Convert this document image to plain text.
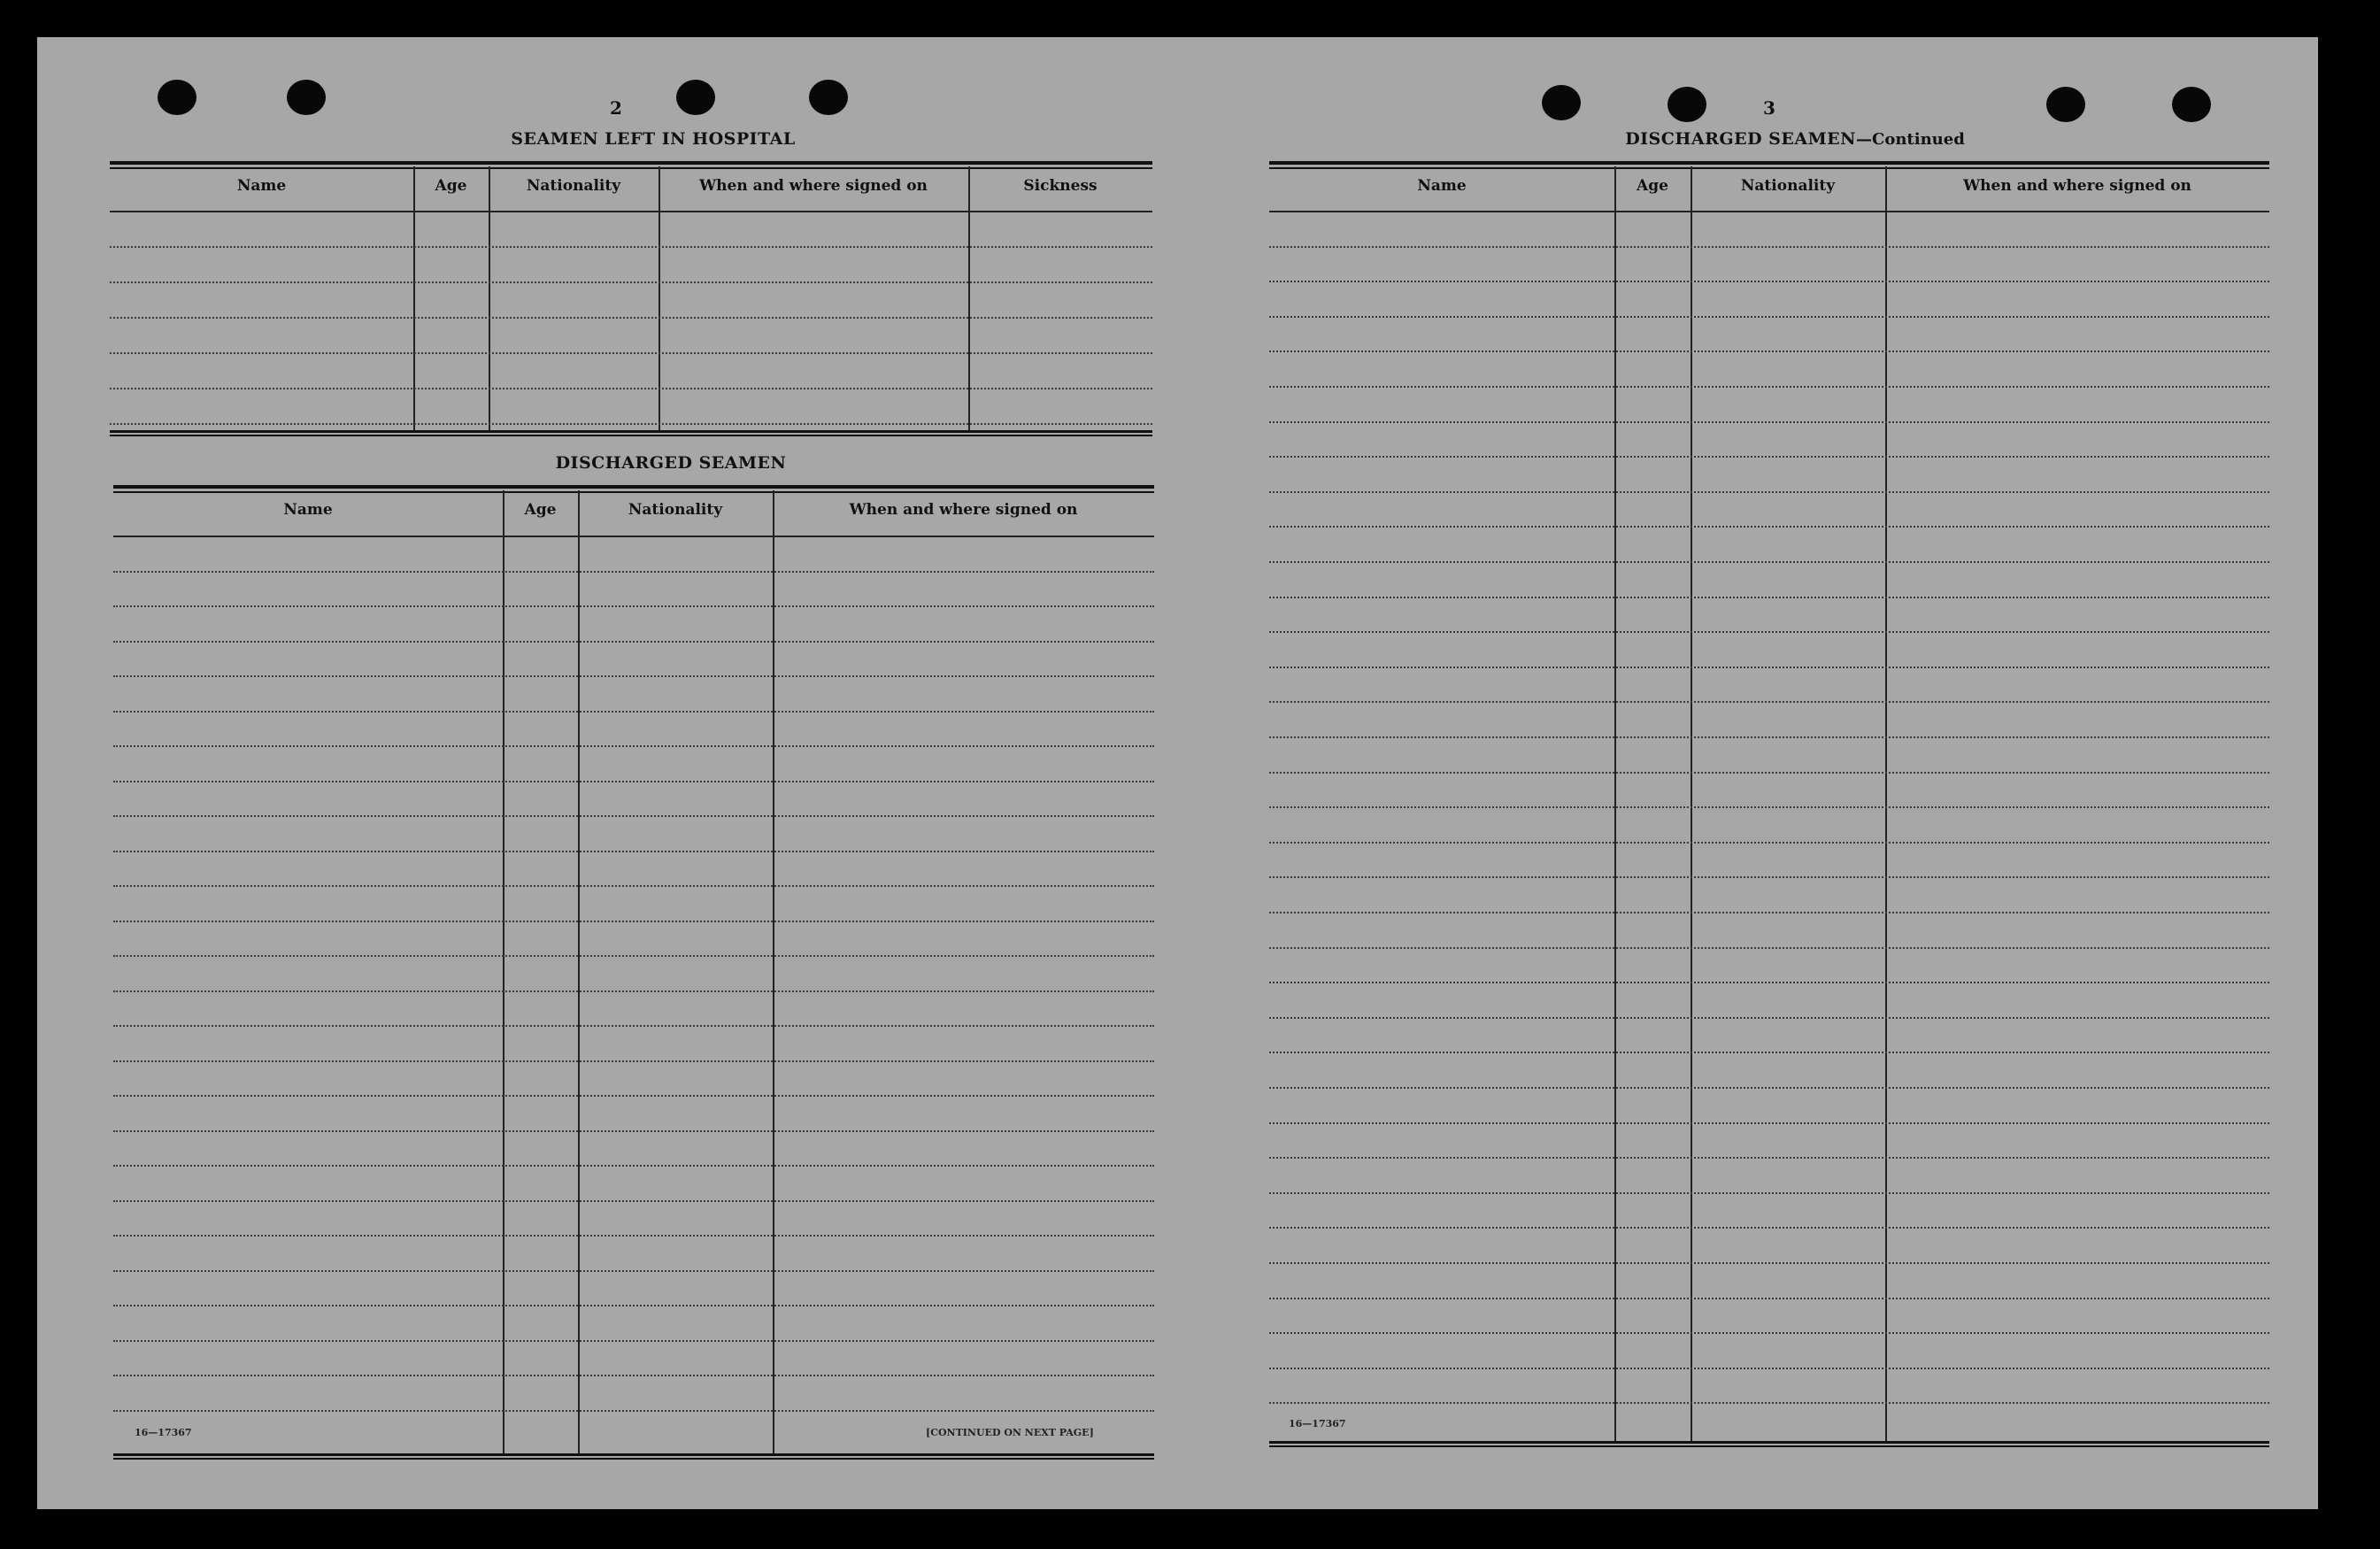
2
SEAMEN LEFT IN HOSPITAL
Name	Age	Nationality	When and where signed on	Sickness
DISCHARGED SEAMEN
Name	Age	Nationality	When and where signed on
16—17367	[CONTINUED ON NEXT PAGE]
3
DISCHARGED SEAMEN—Continued
Name	Age	Nationality	When and where signed on
16—17367
